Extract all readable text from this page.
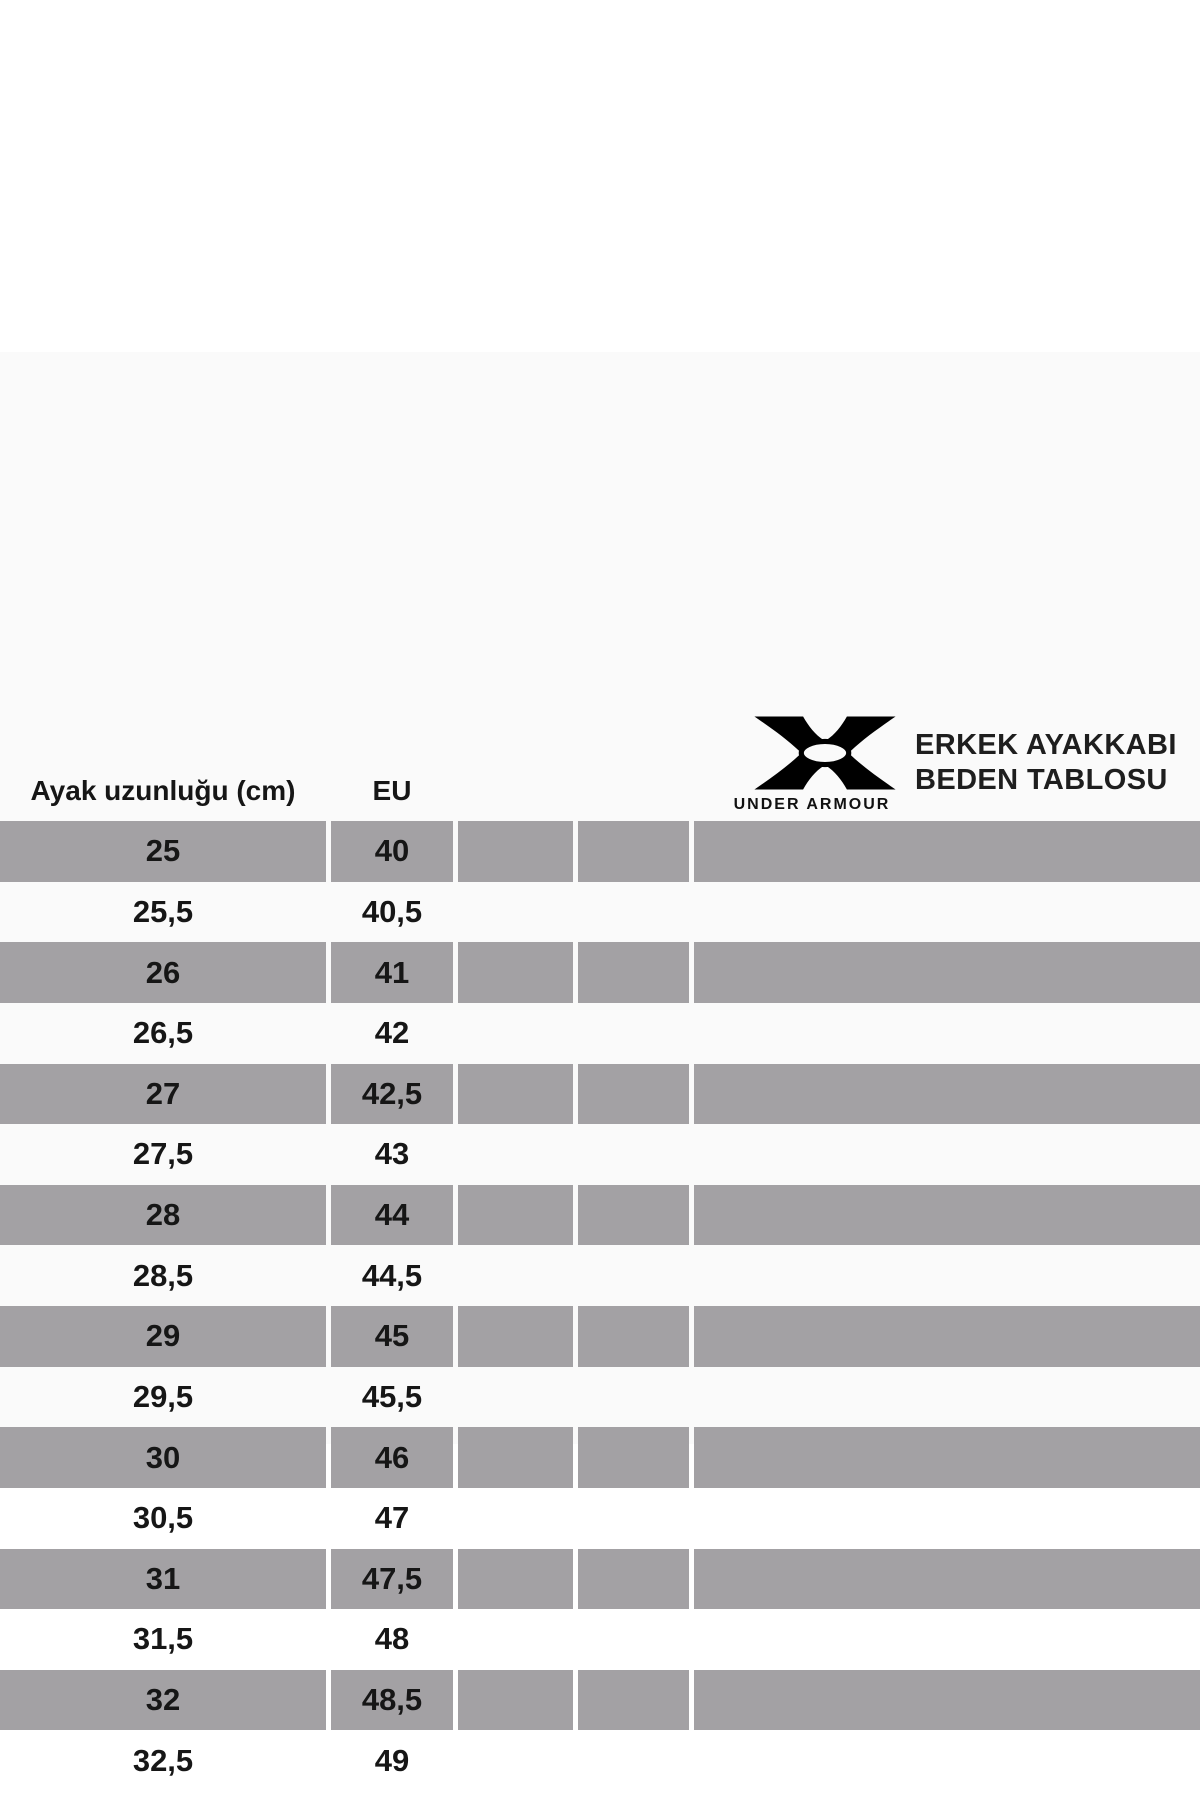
Ayak uzunluğu (cm)	EU	UNDER ARMOUR
ERKEK AYAKKABI
BEDEN TABLOSU
25	40
25,5	40,5
26	41
26,5	42
27	42,5
27,5	43
28	44
28,5	44,5
29	45
29,5	45,5
30	46
30,5	47
31	47,5
31,5	48
32	48,5
32,5	49
